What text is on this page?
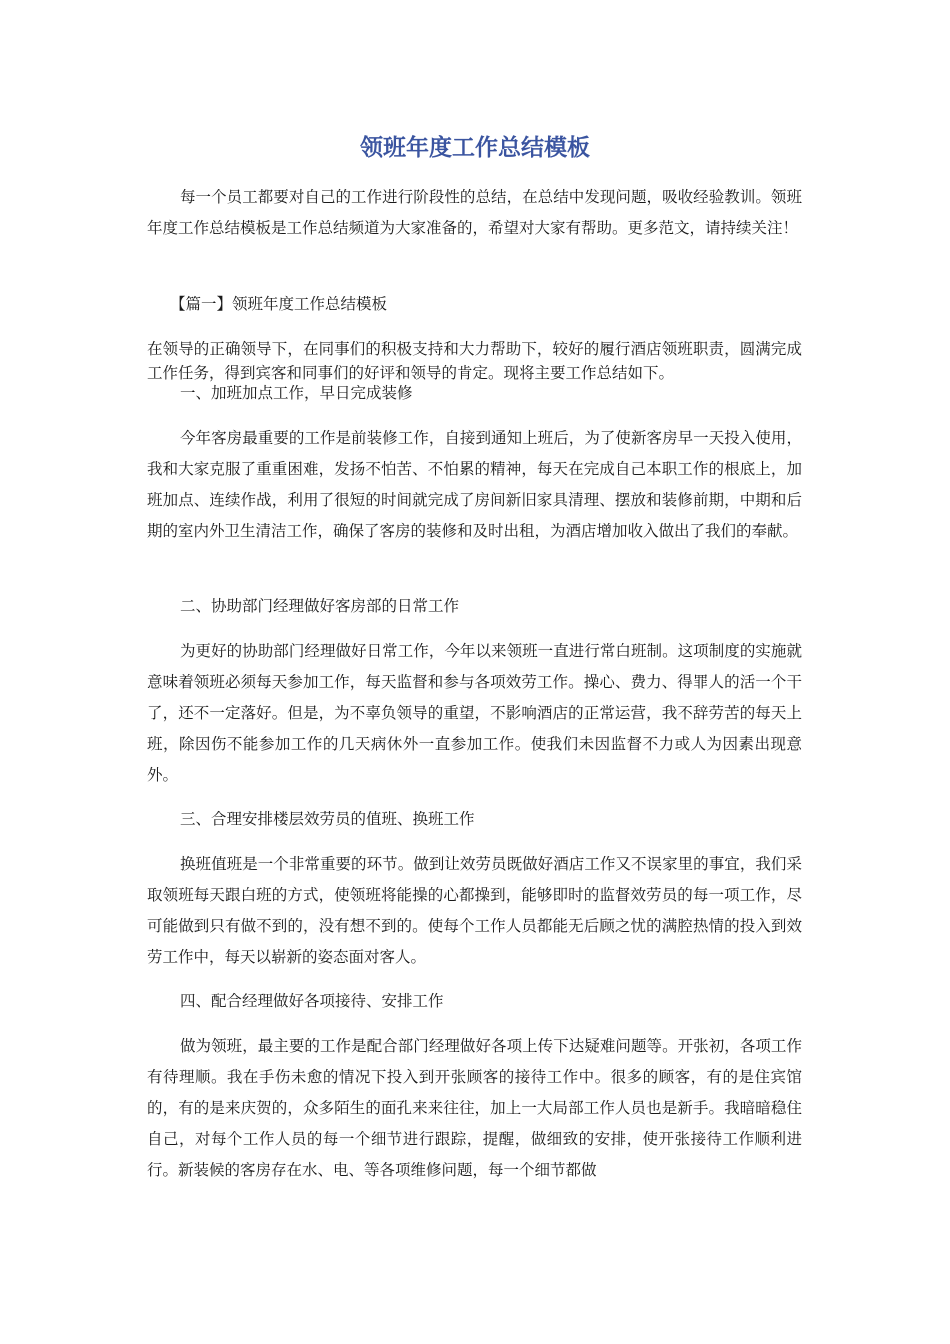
领班年度工作总结模板

每一个员工都要对自己的工作进行阶段性的总结，在总结中发现问题，吸收经验教训。领班年度工作总结模板是工作总结频道为大家准备的，希望对大家有帮助。更多范文，请持续关注！

【篇一】领班年度工作总结模板

在领导的正确领导下，在同事们的积极支持和大力帮助下，较好的履行酒店领班职责，圆满完成工作任务，得到宾客和同事们的好评和领导的肯定。现将主要工作总结如下。

一、加班加点工作，早日完成装修

今年客房最重要的工作是前装修工作，自接到通知上班后，为了使新客房早一天投入使用，我和大家克服了重重困难，发扬不怕苦、不怕累的精神，每天在完成自己本职工作的根底上，加班加点、连续作战，利用了很短的时间就完成了房间新旧家具清理、摆放和装修前期，中期和后期的室内外卫生清洁工作，确保了客房的装修和及时出租，为酒店增加收入做出了我们的奉献。

二、协助部门经理做好客房部的日常工作

为更好的协助部门经理做好日常工作，今年以来领班一直进行常白班制。这项制度的实施就意味着领班必须每天参加工作，每天监督和参与各项效劳工作。操心、费力、得罪人的活一个干了，还不一定落好。但是，为不辜负领导的重望，不影响酒店的正常运营，我不辞劳苦的每天上班，除因伤不能参加工作的几天病休外一直参加工作。使我们未因监督不力或人为因素出现意外。

三、合理安排楼层效劳员的值班、换班工作

换班值班是一个非常重要的环节。做到让效劳员既做好酒店工作又不误家里的事宜，我们采取领班每天跟白班的方式，使领班将能操的心都操到，能够即时的监督效劳员的每一项工作，尽可能做到只有做不到的，没有想不到的。使每个工作人员都能无后顾之忧的满腔热情的投入到效劳工作中，每天以崭新的姿态面对客人。

四、配合经理做好各项接待、安排工作

做为领班，最主要的工作是配合部门经理做好各项上传下达疑难问题等。开张初，各项工作有待理顺。我在手伤未愈的情况下投入到开张顾客的接待工作中。很多的顾客，有的是住宾馆的，有的是来庆贺的，众多陌生的面孔来来往往，加上一大局部工作人员也是新手。我暗暗稳住自己，对每个工作人员的每一个细节进行跟踪，提醒，做细致的安排，使开张接待工作顺利进行。新装候的客房存在水、电、等各项维修问题，每一个细节都做
